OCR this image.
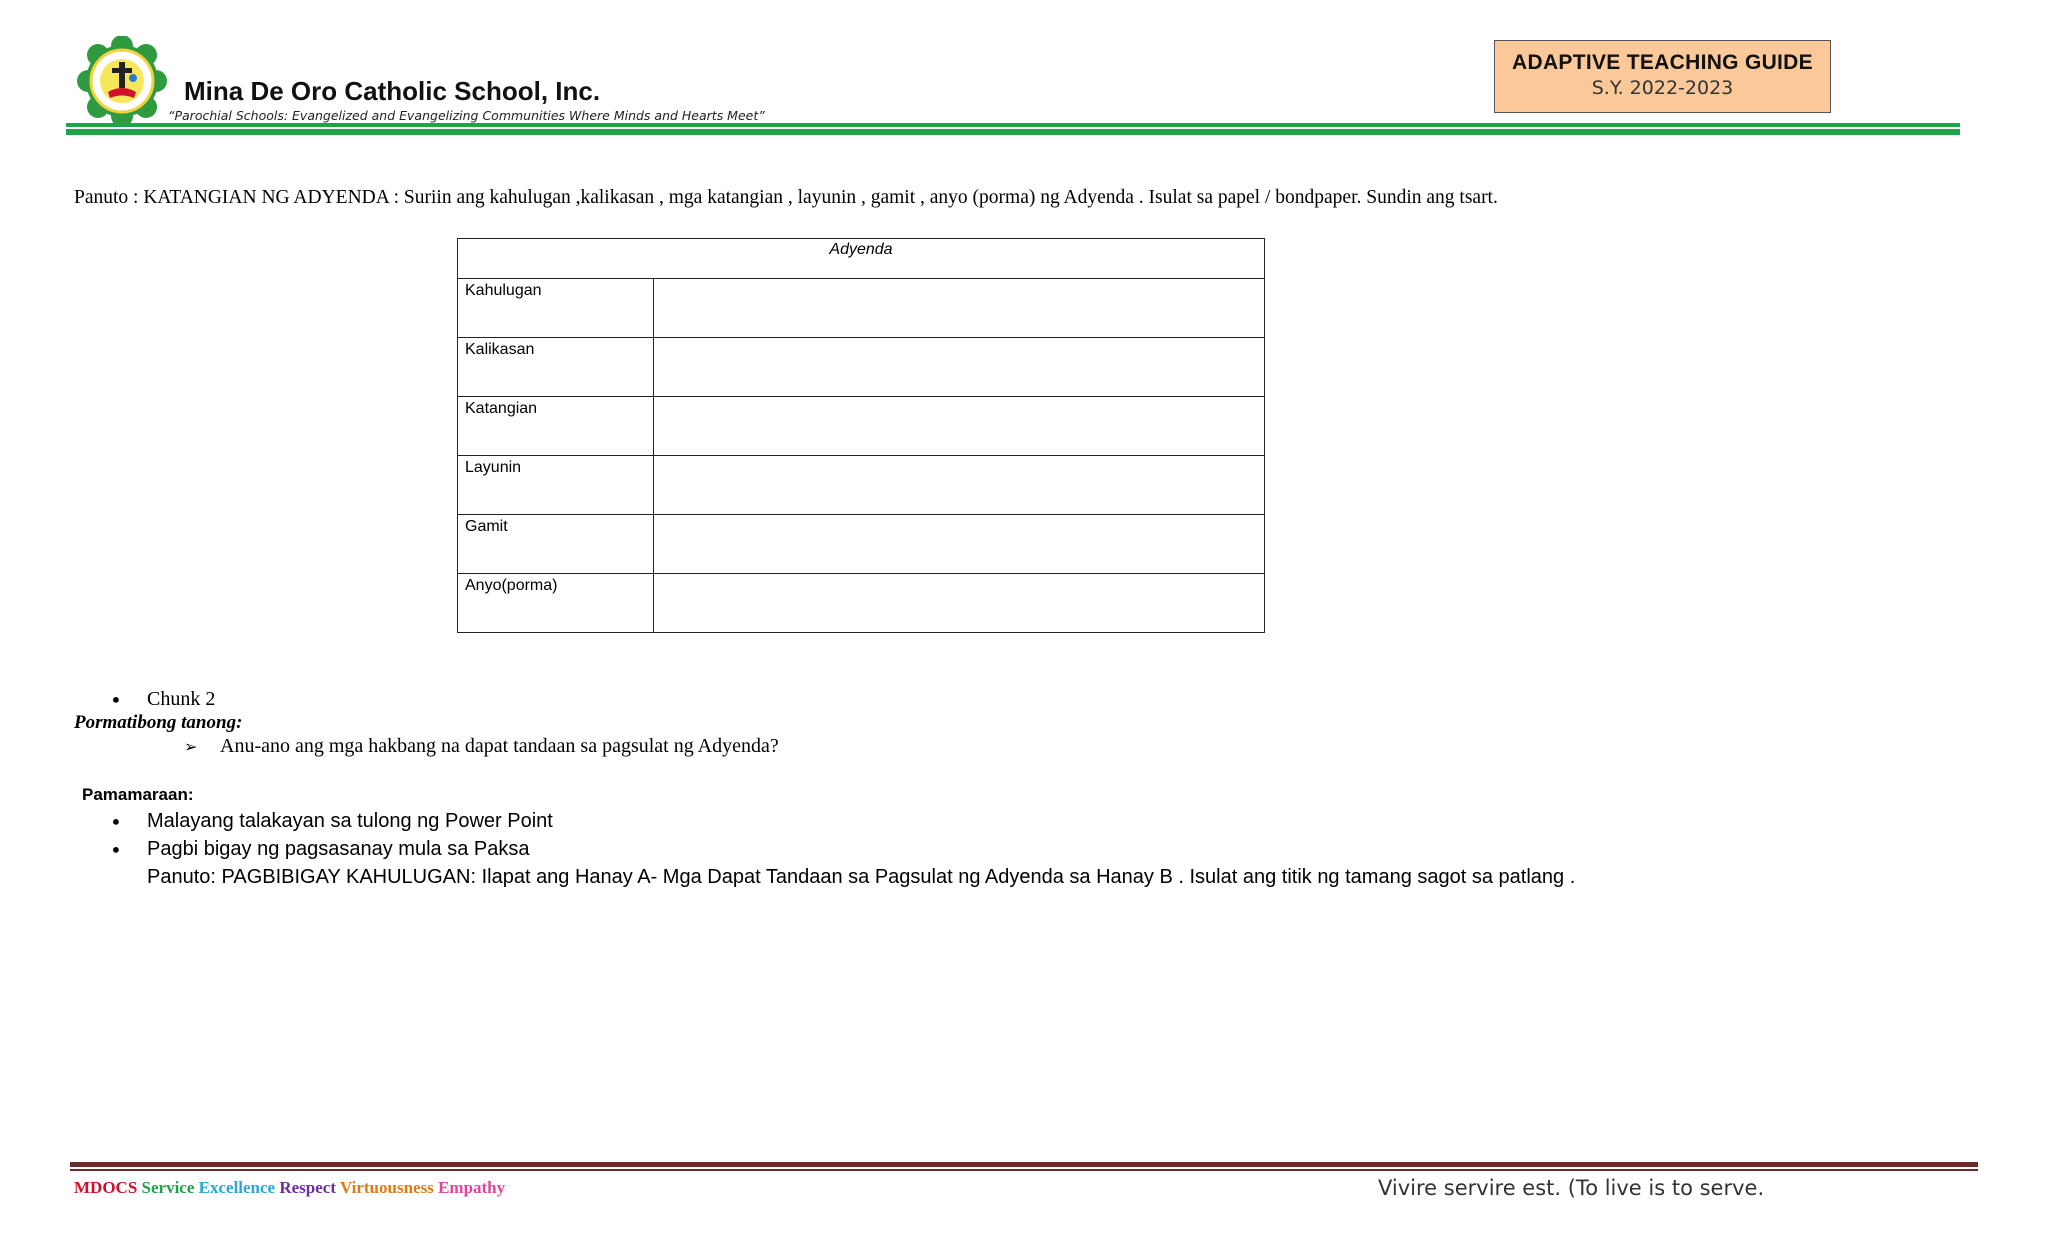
Mina De Oro Catholic School, Inc.
“Parochial Schools: Evangelized and Evangelizing Communities Where Minds and Hearts Meet”
ADAPTIVE TEACHING GUIDE
S.Y. 2022-2023
Panuto : KATANGIAN NG ADYENDA : Suriin ang kahulugan ,kalikasan , mga katangian , layunin , gamit , anyo (porma) ng Adyenda . Isulat sa papel / bondpaper. Sundin ang tsart.
Adyenda	
Kahulugan	
Kalikasan	
Katangian	
Layunin	
Gamit	
Anyo(porma)	
• Chunk 2
Pormatibong tanong:
➢ Anu-ano ang mga hakbang na dapat tandaan sa pagsulat ng Adyenda?
Pamamaraan:
• Malayang talakayan sa tulong ng Power Point
• Pagbi bigay ng pagsasanay mula sa Paksa
Panuto: PAGBIBIGAY KAHULUGAN: Ilapat ang Hanay A- Mga Dapat Tandaan sa Pagsulat ng Adyenda sa Hanay B . Isulat ang titik ng tamang sagot sa patlang .
MDOCS Service Excellence Respect Virtuousness Empathy	Vivire servire est. (To live is to serve.
